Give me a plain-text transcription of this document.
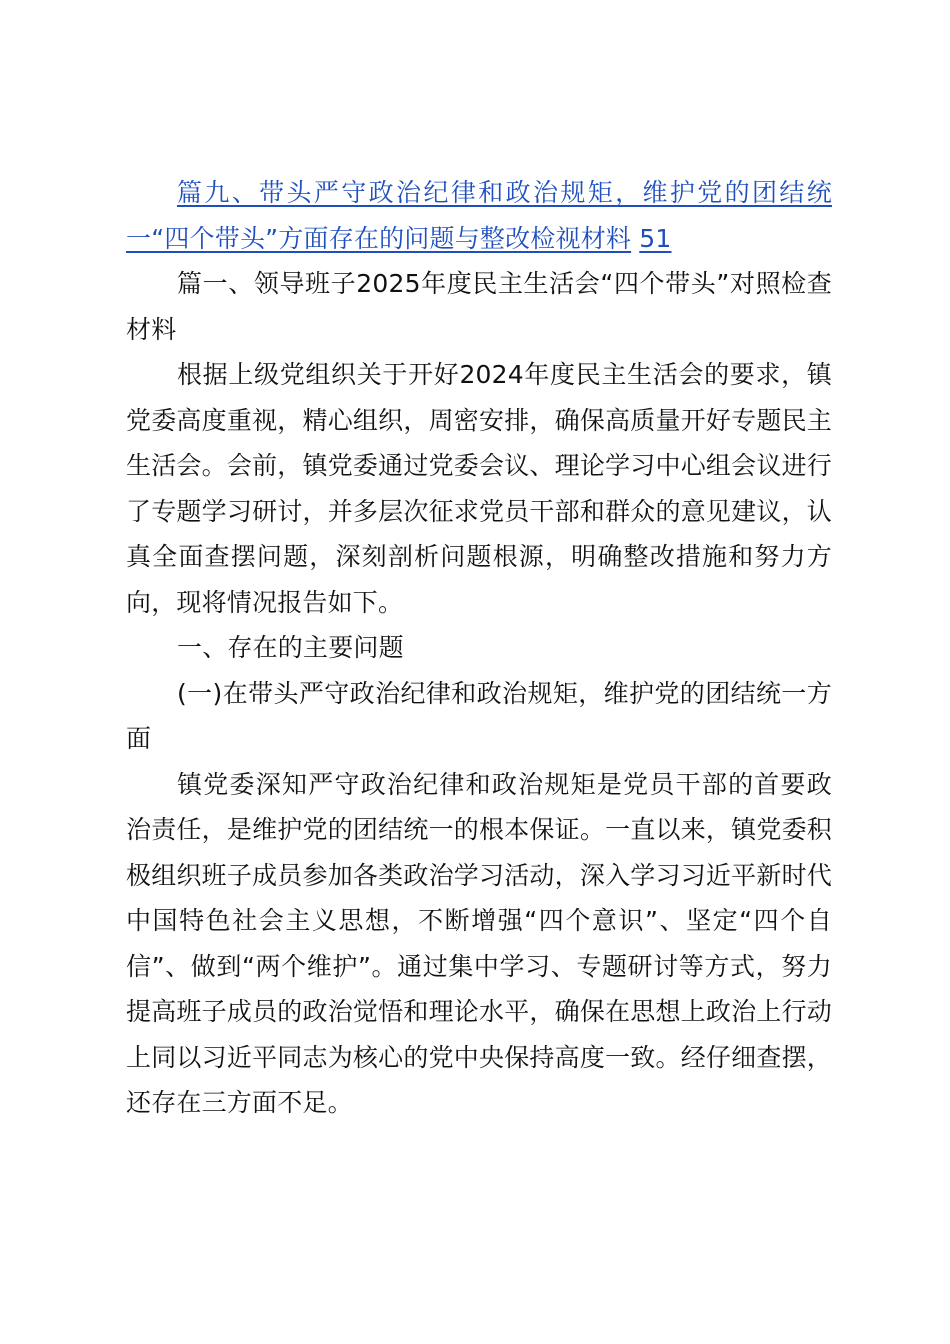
篇九、带头严守政治纪律和政治规矩，维护党的团结统一“四个带头”方面存在的问题与整改检视材料 51

篇一、领导班子2025年度民主生活会“四个带头”对照检查材料

根据上级党组织关于开好2024年度民主生活会的要求，镇党委高度重视，精心组织，周密安排，确保高质量开好专题民主生活会。会前，镇党委通过党委会议、理论学习中心组会议进行了专题学习研讨，并多层次征求党员干部和群众的意见建议，认真全面查摆问题，深刻剖析问题根源，明确整改措施和努力方向，现将情况报告如下。

一、存在的主要问题

(一)在带头严守政治纪律和政治规矩，维护党的团结统一方面

镇党委深知严守政治纪律和政治规矩是党员干部的首要政治责任，是维护党的团结统一的根本保证。一直以来，镇党委积极组织班子成员参加各类政治学习活动，深入学习习近平新时代中国特色社会主义思想，不断增强“四个意识”、坚定“四个自信”、做到“两个维护”。通过集中学习、专题研讨等方式，努力提高班子成员的政治觉悟和理论水平，确保在思想上政治上行动上同以习近平同志为核心的党中央保持高度一致。经仔细查摆，还存在三方面不足。
